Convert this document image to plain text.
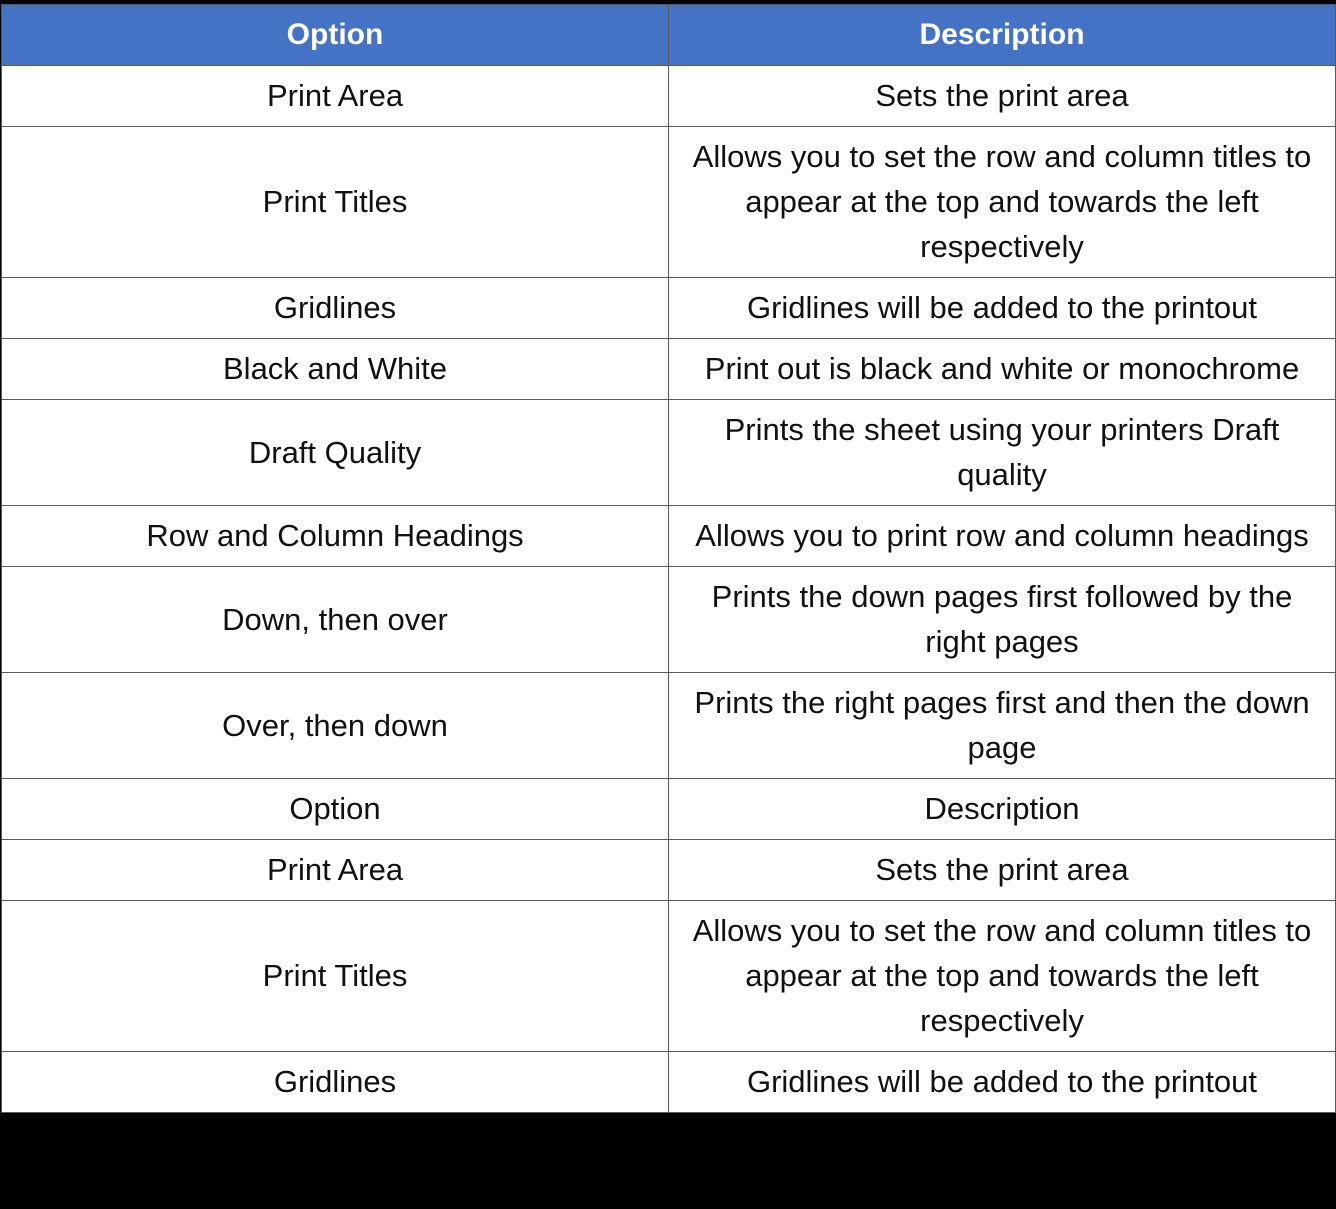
Option	Description
Print Area	Sets the print area
Print Titles	Allows you to set the row and column titles to appear at the top and towards the left respectively
Gridlines	Gridlines will be added to the printout
Black and White	Print out is black and white or monochrome
Draft Quality	Prints the sheet using your printers Draft quality
Row and Column Headings	Allows you to print row and column headings
Down, then over	Prints the down pages first followed by the right pages
Over, then down	Prints the right pages first and then the down page
Option	Description
Print Area	Sets the print area
Print Titles	Allows you to set the row and column titles to appear at the top and towards the left respectively
Gridlines	Gridlines will be added to the printout
